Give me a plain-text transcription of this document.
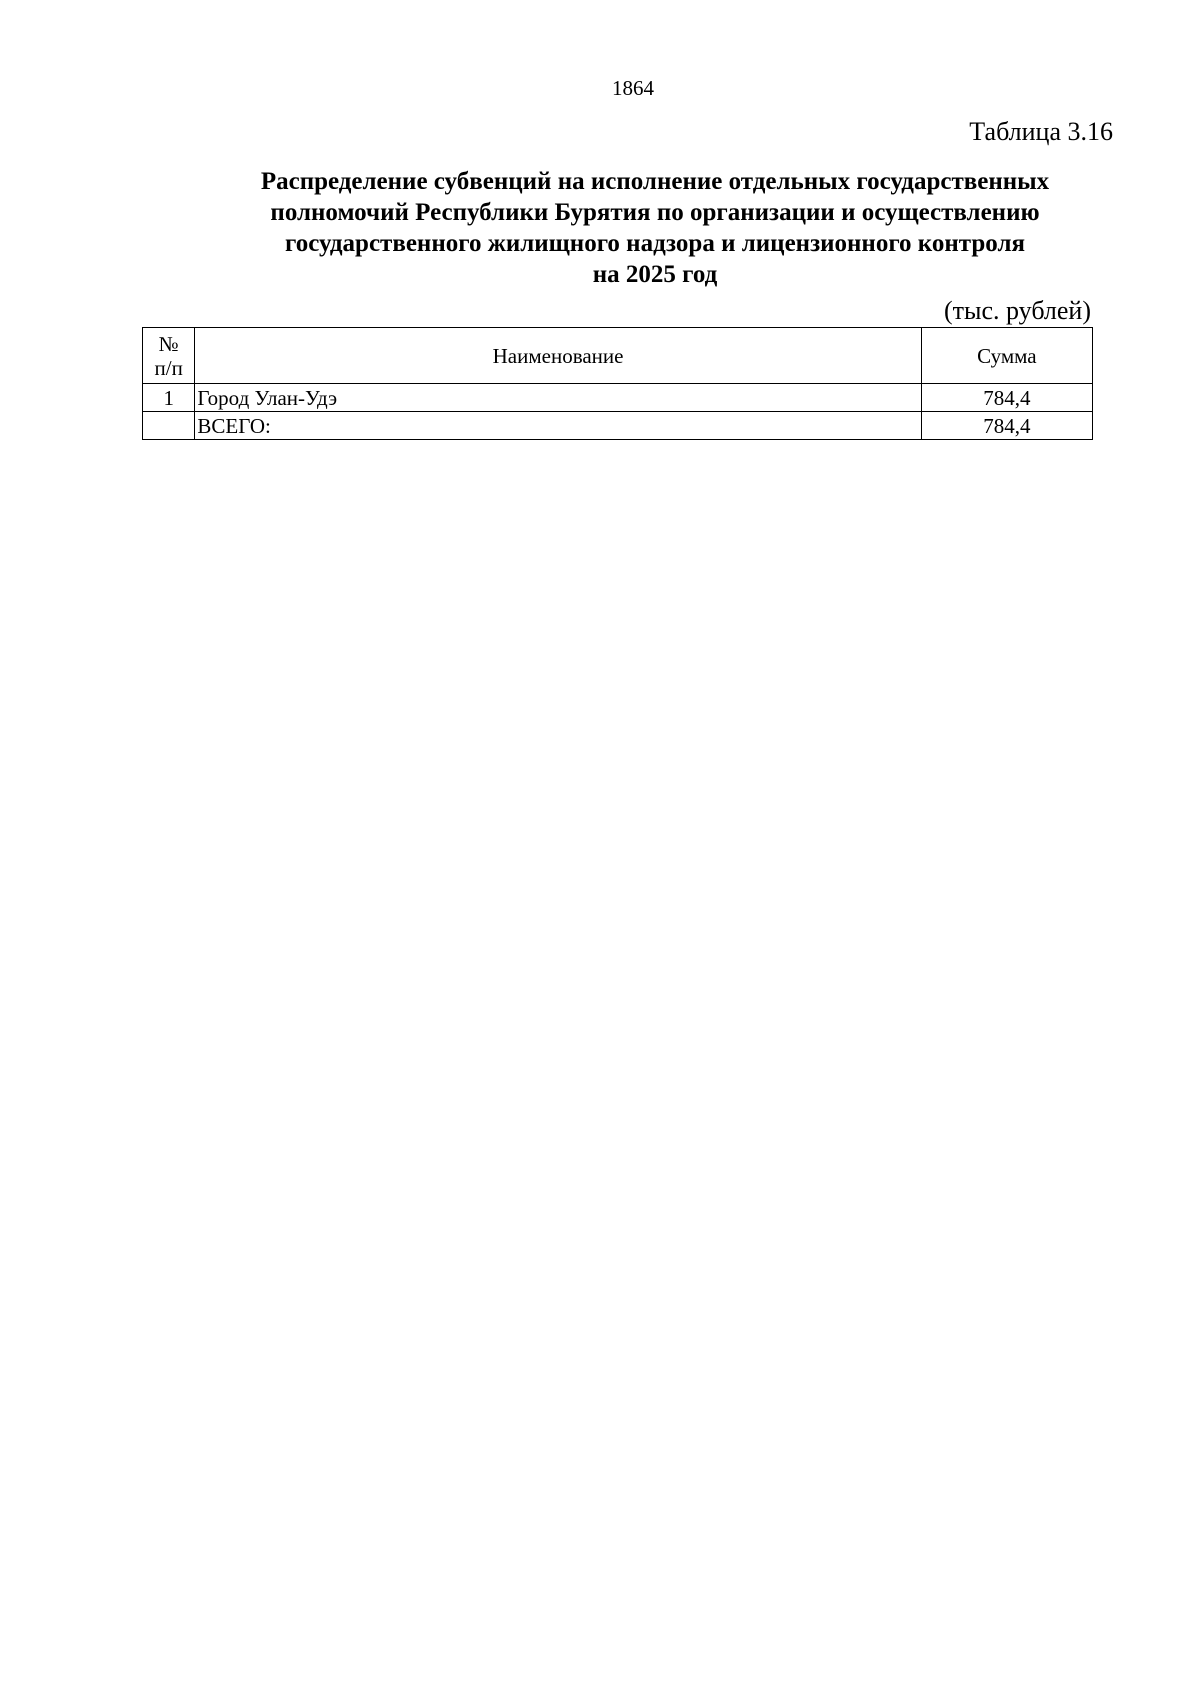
1864
Таблица 3.16
Распределение субвенций на исполнение отдельных государственных
полномочий Республики Бурятия по организации и осуществлению
государственного жилищного надзора и лицензионного контроля
на 2025 год
(тыс. рублей)
№
п/п	Наименование	Сумма
1	Город Улан-Удэ	784,4
	ВСЕГО:	784,4
